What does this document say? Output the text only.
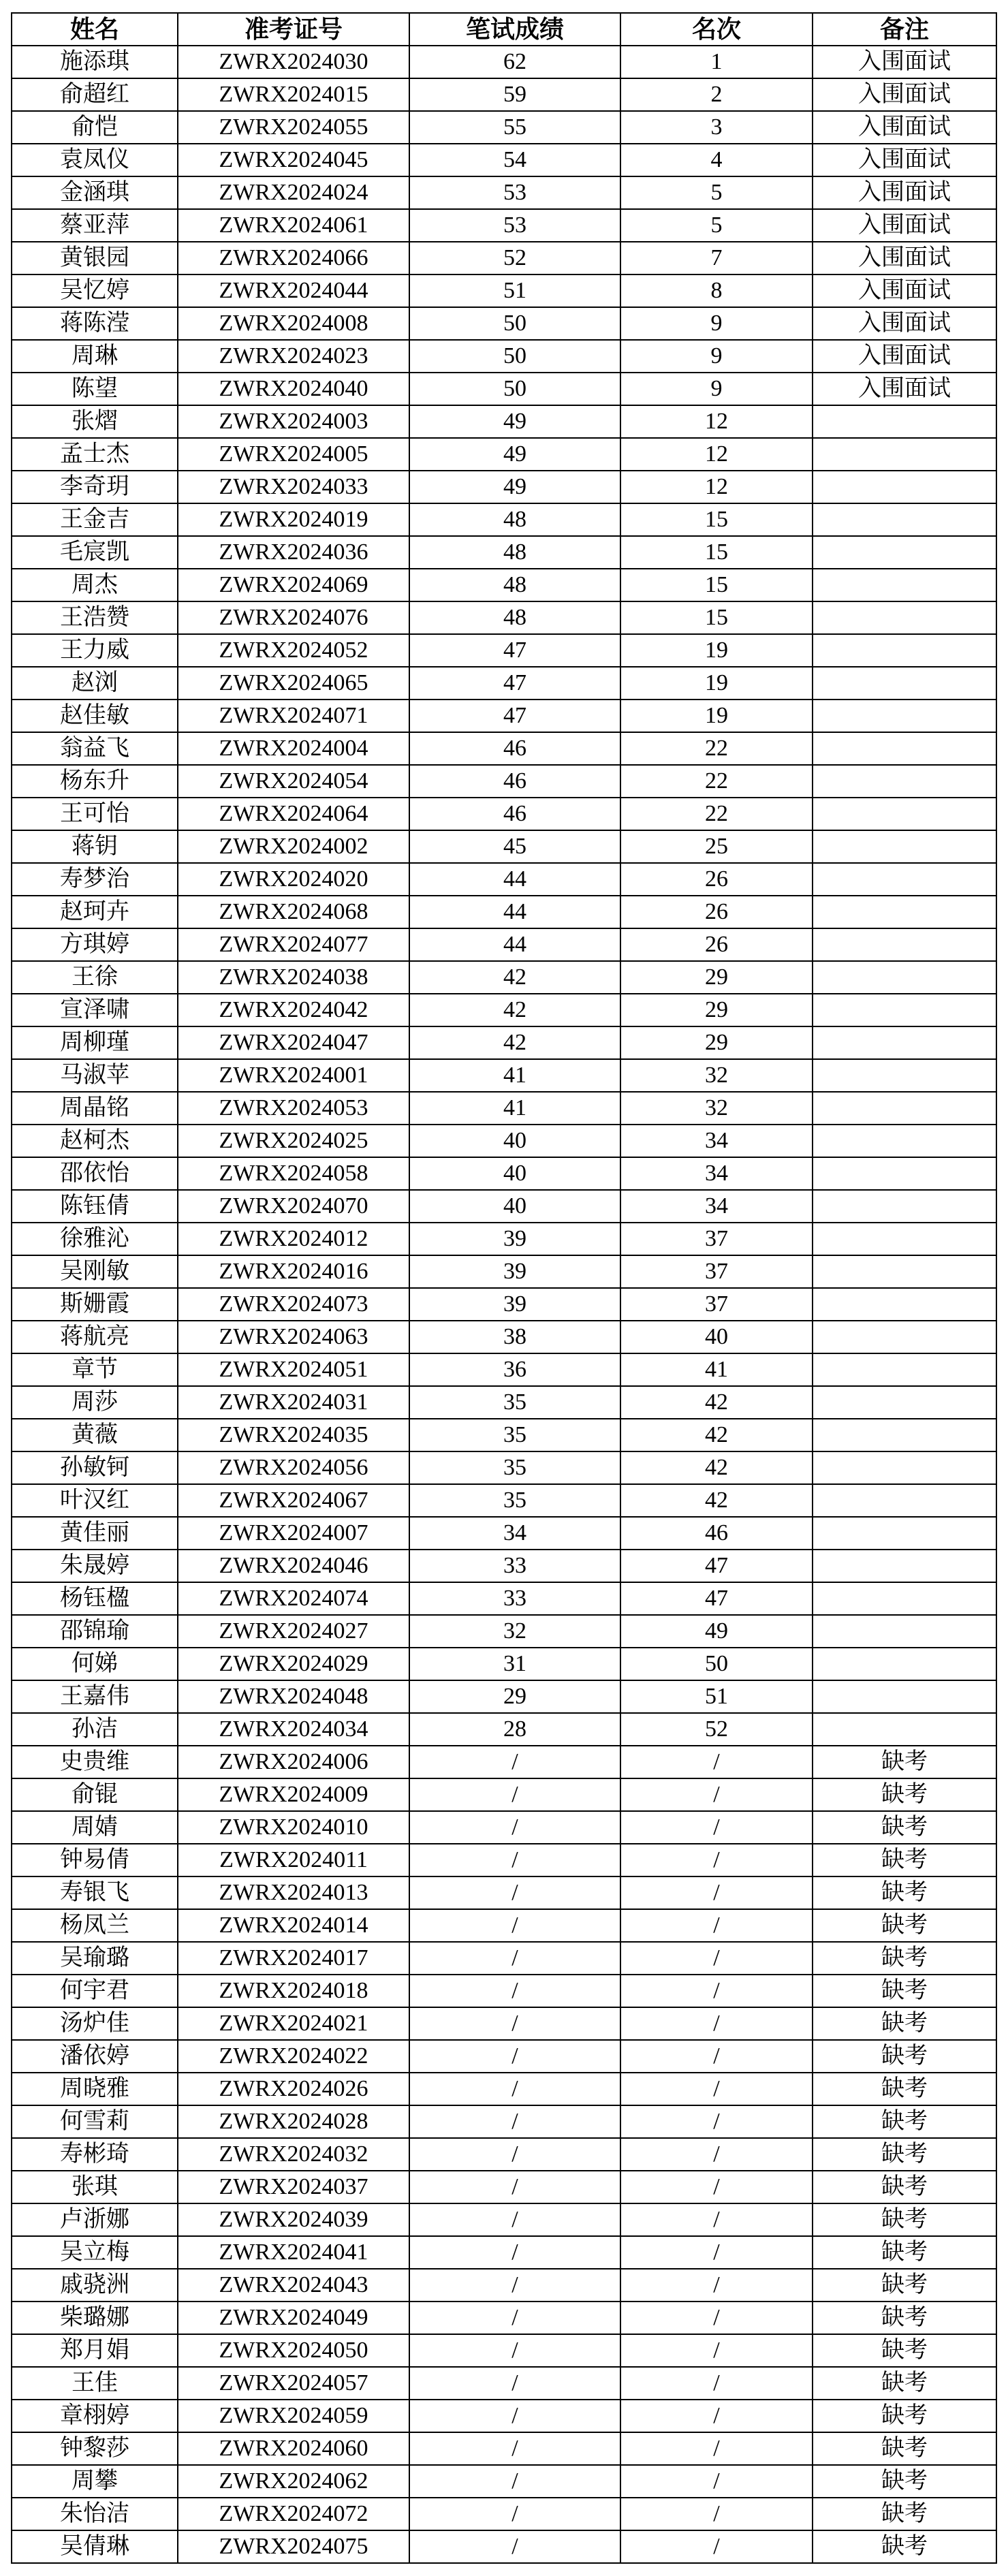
姓名	准考证号	笔试成绩	名次	备注
施添琪	ZWRX2024030	62	1	入围面试
俞超红	ZWRX2024015	59	2	入围面试
俞恺	ZWRX2024055	55	3	入围面试
袁凤仪	ZWRX2024045	54	4	入围面试
金涵琪	ZWRX2024024	53	5	入围面试
蔡亚萍	ZWRX2024061	53	5	入围面试
黄银园	ZWRX2024066	52	7	入围面试
吴忆婷	ZWRX2024044	51	8	入围面试
蒋陈滢	ZWRX2024008	50	9	入围面试
周琳	ZWRX2024023	50	9	入围面试
陈望	ZWRX2024040	50	9	入围面试
张熠	ZWRX2024003	49	12	
孟士杰	ZWRX2024005	49	12	
李奇玥	ZWRX2024033	49	12	
王金吉	ZWRX2024019	48	15	
毛宸凯	ZWRX2024036	48	15	
周杰	ZWRX2024069	48	15	
王浩赞	ZWRX2024076	48	15	
王力威	ZWRX2024052	47	19	
赵浏	ZWRX2024065	47	19	
赵佳敏	ZWRX2024071	47	19	
翁益飞	ZWRX2024004	46	22	
杨东升	ZWRX2024054	46	22	
王可怡	ZWRX2024064	46	22	
蒋钥	ZWRX2024002	45	25	
寿梦治	ZWRX2024020	44	26	
赵珂卉	ZWRX2024068	44	26	
方琪婷	ZWRX2024077	44	26	
王徐	ZWRX2024038	42	29	
宣泽啸	ZWRX2024042	42	29	
周柳瑾	ZWRX2024047	42	29	
马淑苹	ZWRX2024001	41	32	
周晶铭	ZWRX2024053	41	32	
赵柯杰	ZWRX2024025	40	34	
邵依怡	ZWRX2024058	40	34	
陈钰倩	ZWRX2024070	40	34	
徐雅沁	ZWRX2024012	39	37	
吴刚敏	ZWRX2024016	39	37	
斯姗霞	ZWRX2024073	39	37	
蒋航亮	ZWRX2024063	38	40	
章节	ZWRX2024051	36	41	
周莎	ZWRX2024031	35	42	
黄薇	ZWRX2024035	35	42	
孙敏钶	ZWRX2024056	35	42	
叶汉红	ZWRX2024067	35	42	
黄佳丽	ZWRX2024007	34	46	
朱晟婷	ZWRX2024046	33	47	
杨钰楹	ZWRX2024074	33	47	
邵锦瑜	ZWRX2024027	32	49	
何娣	ZWRX2024029	31	50	
王嘉伟	ZWRX2024048	29	51	
孙洁	ZWRX2024034	28	52	
史贵维	ZWRX2024006	/	/	缺考
俞锟	ZWRX2024009	/	/	缺考
周婧	ZWRX2024010	/	/	缺考
钟易倩	ZWRX2024011	/	/	缺考
寿银飞	ZWRX2024013	/	/	缺考
杨凤兰	ZWRX2024014	/	/	缺考
吴瑜璐	ZWRX2024017	/	/	缺考
何宇君	ZWRX2024018	/	/	缺考
汤炉佳	ZWRX2024021	/	/	缺考
潘依婷	ZWRX2024022	/	/	缺考
周晓雅	ZWRX2024026	/	/	缺考
何雪莉	ZWRX2024028	/	/	缺考
寿彬琦	ZWRX2024032	/	/	缺考
张琪	ZWRX2024037	/	/	缺考
卢浙娜	ZWRX2024039	/	/	缺考
吴立梅	ZWRX2024041	/	/	缺考
戚骁洲	ZWRX2024043	/	/	缺考
柴璐娜	ZWRX2024049	/	/	缺考
郑月娟	ZWRX2024050	/	/	缺考
王佳	ZWRX2024057	/	/	缺考
章栩婷	ZWRX2024059	/	/	缺考
钟黎莎	ZWRX2024060	/	/	缺考
周攀	ZWRX2024062	/	/	缺考
朱怡洁	ZWRX2024072	/	/	缺考
吴倩琳	ZWRX2024075	/	/	缺考
